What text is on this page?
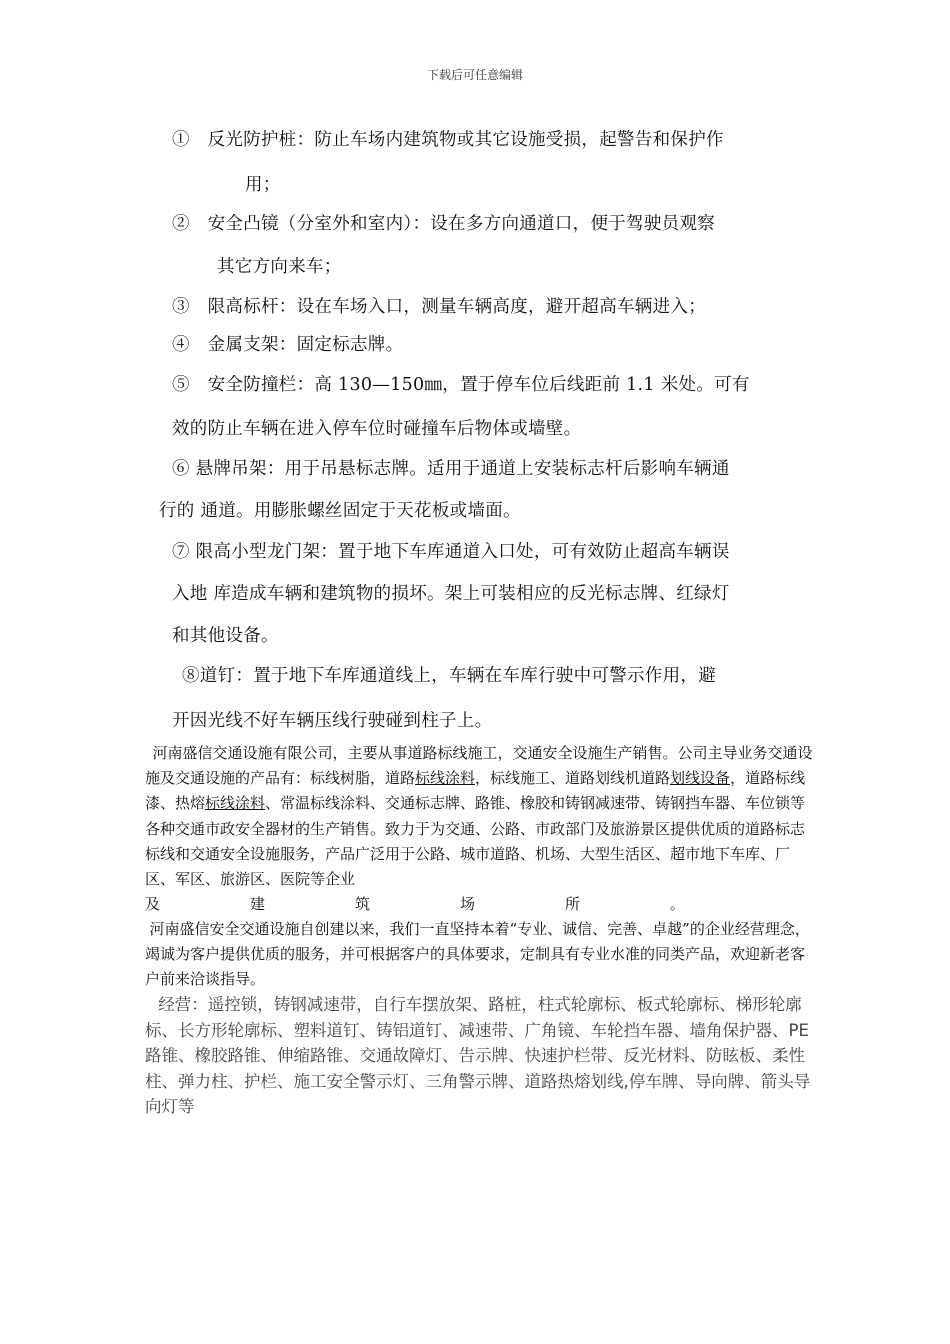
下载后可任意编辑
①　反光防护桩：防止车场内建筑物或其它设施受损，起警告和保护作
用；
②　安全凸镜（分室外和室内）：设在多方向通道口，便于驾驶员观察
其它方向来车；
③　限高标杆：设在车场入口，测量车辆高度，避开超高车辆进入；
④　金属支架：固定标志牌。
⑤　安全防撞栏：高 130—150㎜，置于停车位后线距前 1.1 米处。可有
效的防止车辆在进入停车位时碰撞车后物体或墙壁。
⑥ 悬牌吊架：用于吊悬标志牌。适用于通道上安装标志杆后影响车辆通
行的 通道。用膨胀螺丝固定于天花板或墙面。
⑦ 限高小型龙门架：置于地下车库通道入口处，可有效防止超高车辆误
入地 库造成车辆和建筑物的损坏。架上可装相应的反光标志牌、红绿灯
和其他设备。
⑧道钉：置于地下车库通道线上，车辆在车库行驶中可警示作用，避
开因光线不好车辆压线行驶碰到柱子上。
河南盛信交通设施有限公司，主要从事道路标线施工，交通安全设施生产销售。公司主导业务交通设施及交通设施的产品有：标线树脂，道路标线涂料，标线施工、道路划线机道路划线设备，道路标线漆、热熔标线涂料、常温标线涂料、交通标志牌、路锥、橡胶和铸钢减速带、铸钢挡车器、车位锁等各种交通市政安全器材的生产销售。致力于为交通、公路、市政部门及旅游景区提供优质的道路标志标线和交通安全设施服务，产品广泛用于公路、城市道路、机场、大型生活区、超市地下车库、厂区、军区、旅游区、医院等企业
及	建	筑	场	所	。
河南盛信安全交通设施自创建以来，我们一直坚持本着“专业、诚信、完善、卓越”的企业经营理念，竭诚为客户提供优质的服务，并可根据客户的具体要求，定制具有专业水准的同类产品，欢迎新老客户前来洽谈指导。
经营：遥控锁，铸钢减速带，自行车摆放架、路桩，柱式轮廓标、板式轮廓标、梯形轮廓标、长方形轮廓标、塑料道钉、铸铝道钉、减速带、广角镜、车轮挡车器、墙角保护器、PE 路锥、橡胶路锥、伸缩路锥、交通故障灯、告示牌、快速护栏带、反光材料、防眩板、柔性柱、弹力柱、护栏、施工安全警示灯、三角警示牌、道路热熔划线,停车牌、导向牌、箭头导向灯等
